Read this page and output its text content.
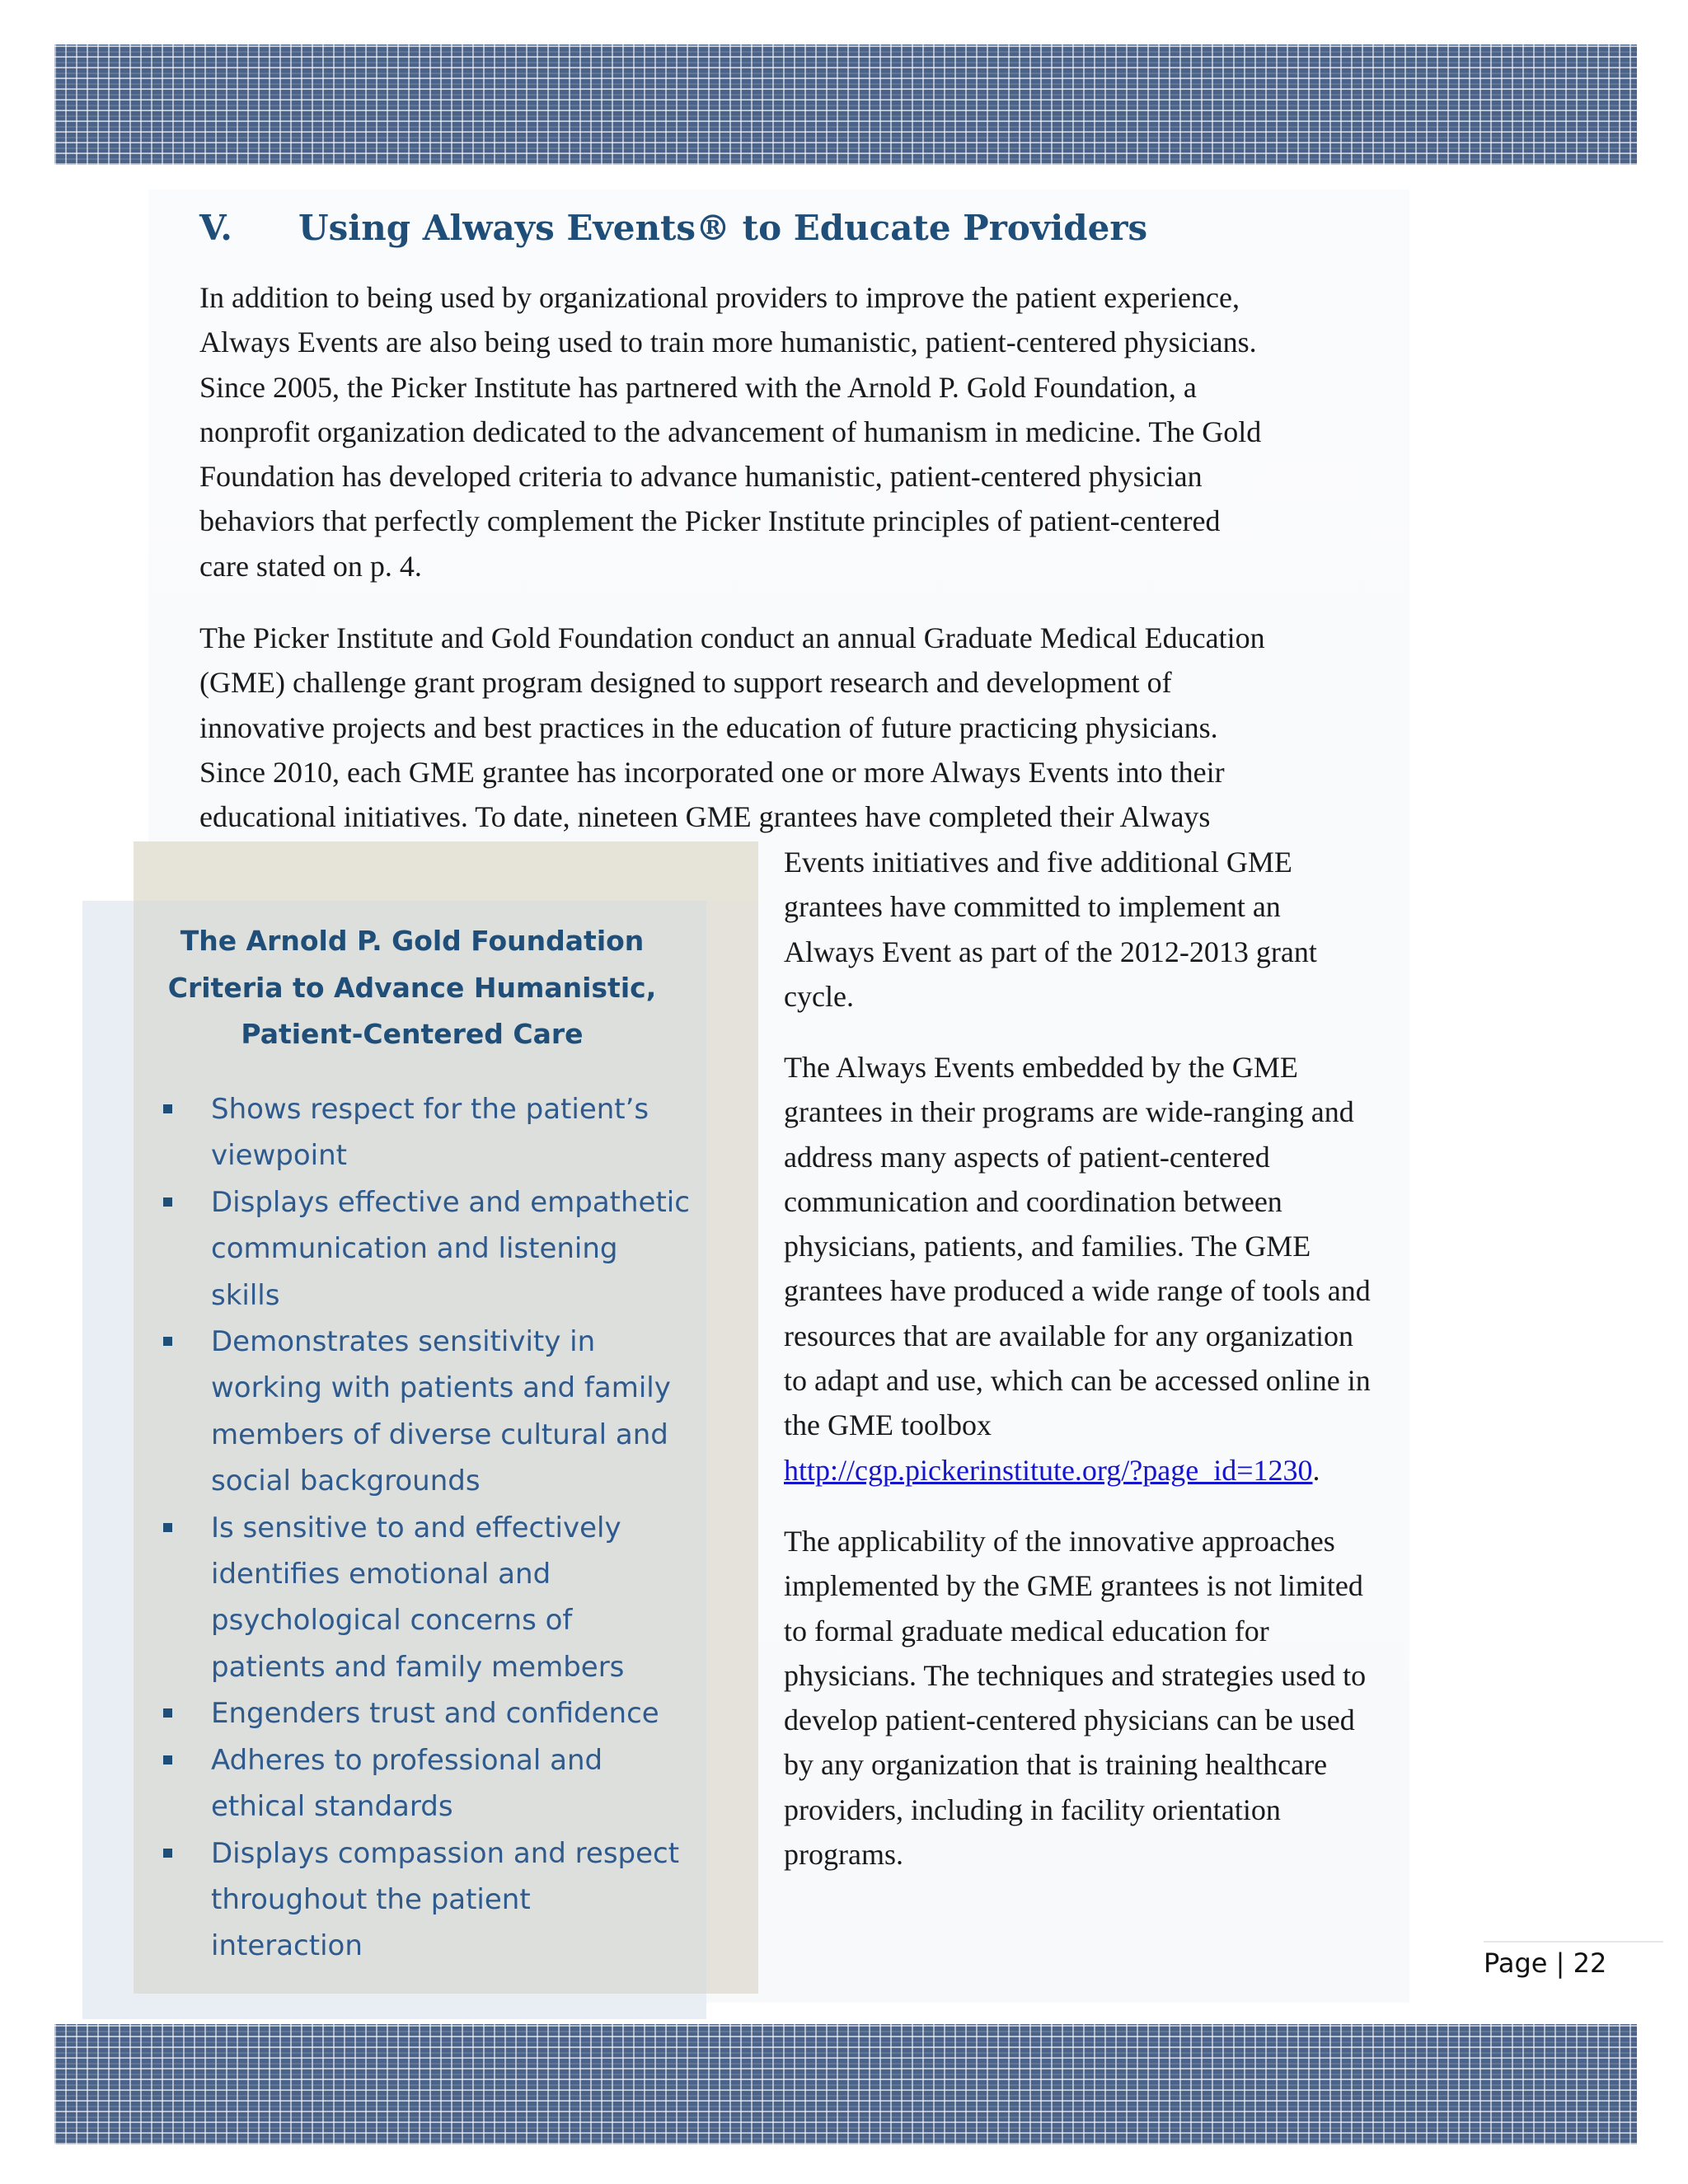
V. Using Always Events® to Educate Providers
In addition to being used by organizational providers to improve the patient experience,
Always Events are also being used to train more humanistic, patient-centered physicians.
Since 2005, the Picker Institute has partnered with the Arnold P. Gold Foundation, a
nonprofit organization dedicated to the advancement of humanism in medicine. The Gold
Foundation has developed criteria to advance humanistic, patient-centered physician
behaviors that perfectly complement the Picker Institute principles of patient-centered
care stated on p. 4.
The Picker Institute and Gold Foundation conduct an annual Graduate Medical Education
(GME) challenge grant program designed to support research and development of
innovative projects and best practices in the education of future practicing physicians.
Since 2010, each GME grantee has incorporated one or more Always Events into their
educational initiatives. To date, nineteen GME grantees have completed their Always
The Arnold P. Gold Foundation
Criteria to Advance Humanistic,
Patient-Centered Care
Shows respect for the patient’s
viewpoint
Displays effective and empathetic
communication and listening
skills
Demonstrates sensitivity in
working with patients and family
members of diverse cultural and
social backgrounds
Is sensitive to and effectively
identifies emotional and
psychological concerns of
patients and family members
Engenders trust and confidence
Adheres to professional and
ethical standards
Displays compassion and respect
throughout the patient
interaction
Events initiatives and five additional GME
grantees have committed to implement an
Always Event as part of the 2012-2013 grant
cycle.
The Always Events embedded by the GME
grantees in their programs are wide-ranging and
address many aspects of patient-centered
communication and coordination between
physicians, patients, and families. The GME
grantees have produced a wide range of tools and
resources that are available for any organization
to adapt and use, which can be accessed online in
the GME toolbox
http://cgp.pickerinstitute.org/?page_id=1230.
The applicability of the innovative approaches
implemented by the GME grantees is not limited
to formal graduate medical education for
physicians. The techniques and strategies used to
develop patient-centered physicians can be used
by any organization that is training healthcare
providers, including in facility orientation
programs.

Page | 22
